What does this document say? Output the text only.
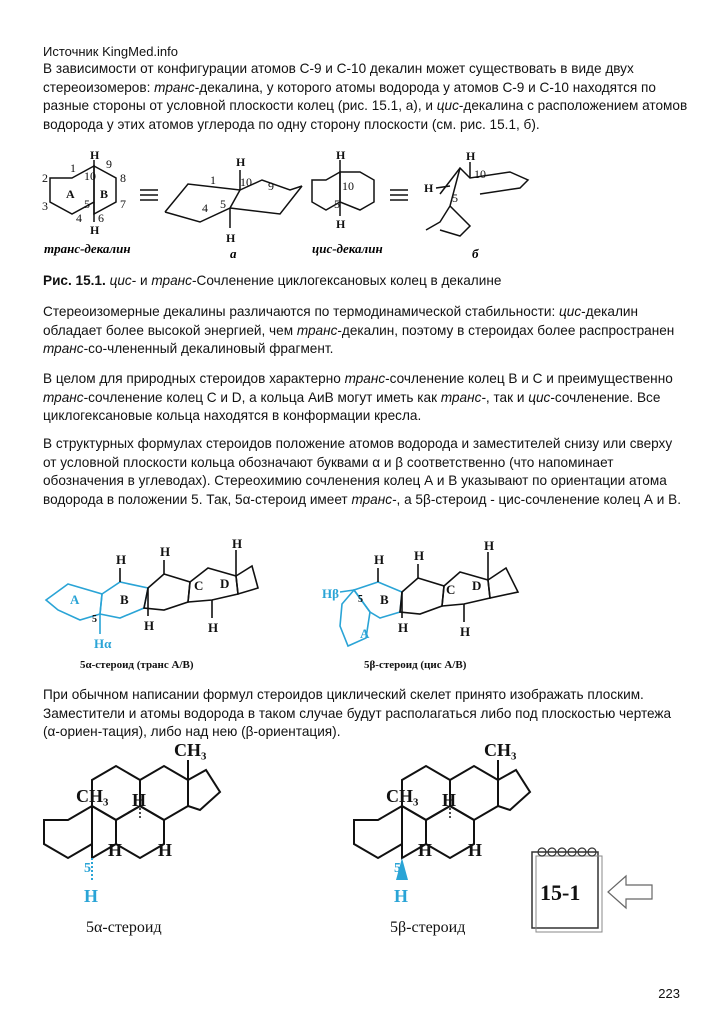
Источник KingMed.info

В зависимости от конфигурации атомов С-9 и С-10 декалин может существовать в виде двух стереоизомеров: транс-декалина, у которого атомы водорода у атомов С-9 и С-10 находятся по разные стороны от условной плоскости колец (рис. 15.1, а), и цис-декалина с расположением атомов водорода у этих атомов углерода по одну сторону плоскости (см. рис. 15.1, б).

H
H
A B
2
3
1
4
5
6
7
8
9
10
H
H
1
4
10 9
5
H
H
10
5
H
H
10
5
транс-декалин	а	цис-декалин	б
Рис. 15.1. цис- и транс-Сочленение циклогексановых колец в декалине

Стереоизомерные декалины различаются по термодинамической стабильности: цис-декалин обладает более высокой энергией, чем транс-декалин, поэтому в стероидах более распространен транс-со-члененный декалиновый фрагмент.

В целом для природных стероидов характерно транс-сочленение колец В и С и преимущественно транс-сочленение колец С и D, а кольца АиВ могут иметь как транс-, так и цис-сочленение. Все циклогексановые кольца находятся в конформации кресла.

В структурных формулах стероидов положение атомов водорода и заместителей снизу или сверху от условной плоскости кольца обозначают буквами α и β соответственно (что напоминает обозначения в углеводах). Стереохимию сочленения колец А и В указывают по ориентации атома водорода в положении 5. Так, 5α-стероид имеет транс-, а 5β-стероид - цис-сочленение колец А и В.

A	B
C D
H
H
H
H
H
5
Hα
A
B
C D
H
H
H
H
H
5
Hβ
5α-стероид (транс А/В)	5β-стероид (цис А/В)

При обычном написании формул стероидов циклический скелет принято изображать плоским. Заместители и атомы водорода в таком случае будут располагаться либо под плоскостью чертежа (α-ориен-тация), либо над нею (β-ориентация).

CH₃
H
H
H
CH₃
5
H
CH₃
H
H
H
CH₃
5
H
5α-стероид	5β-стероид
15-1
223
